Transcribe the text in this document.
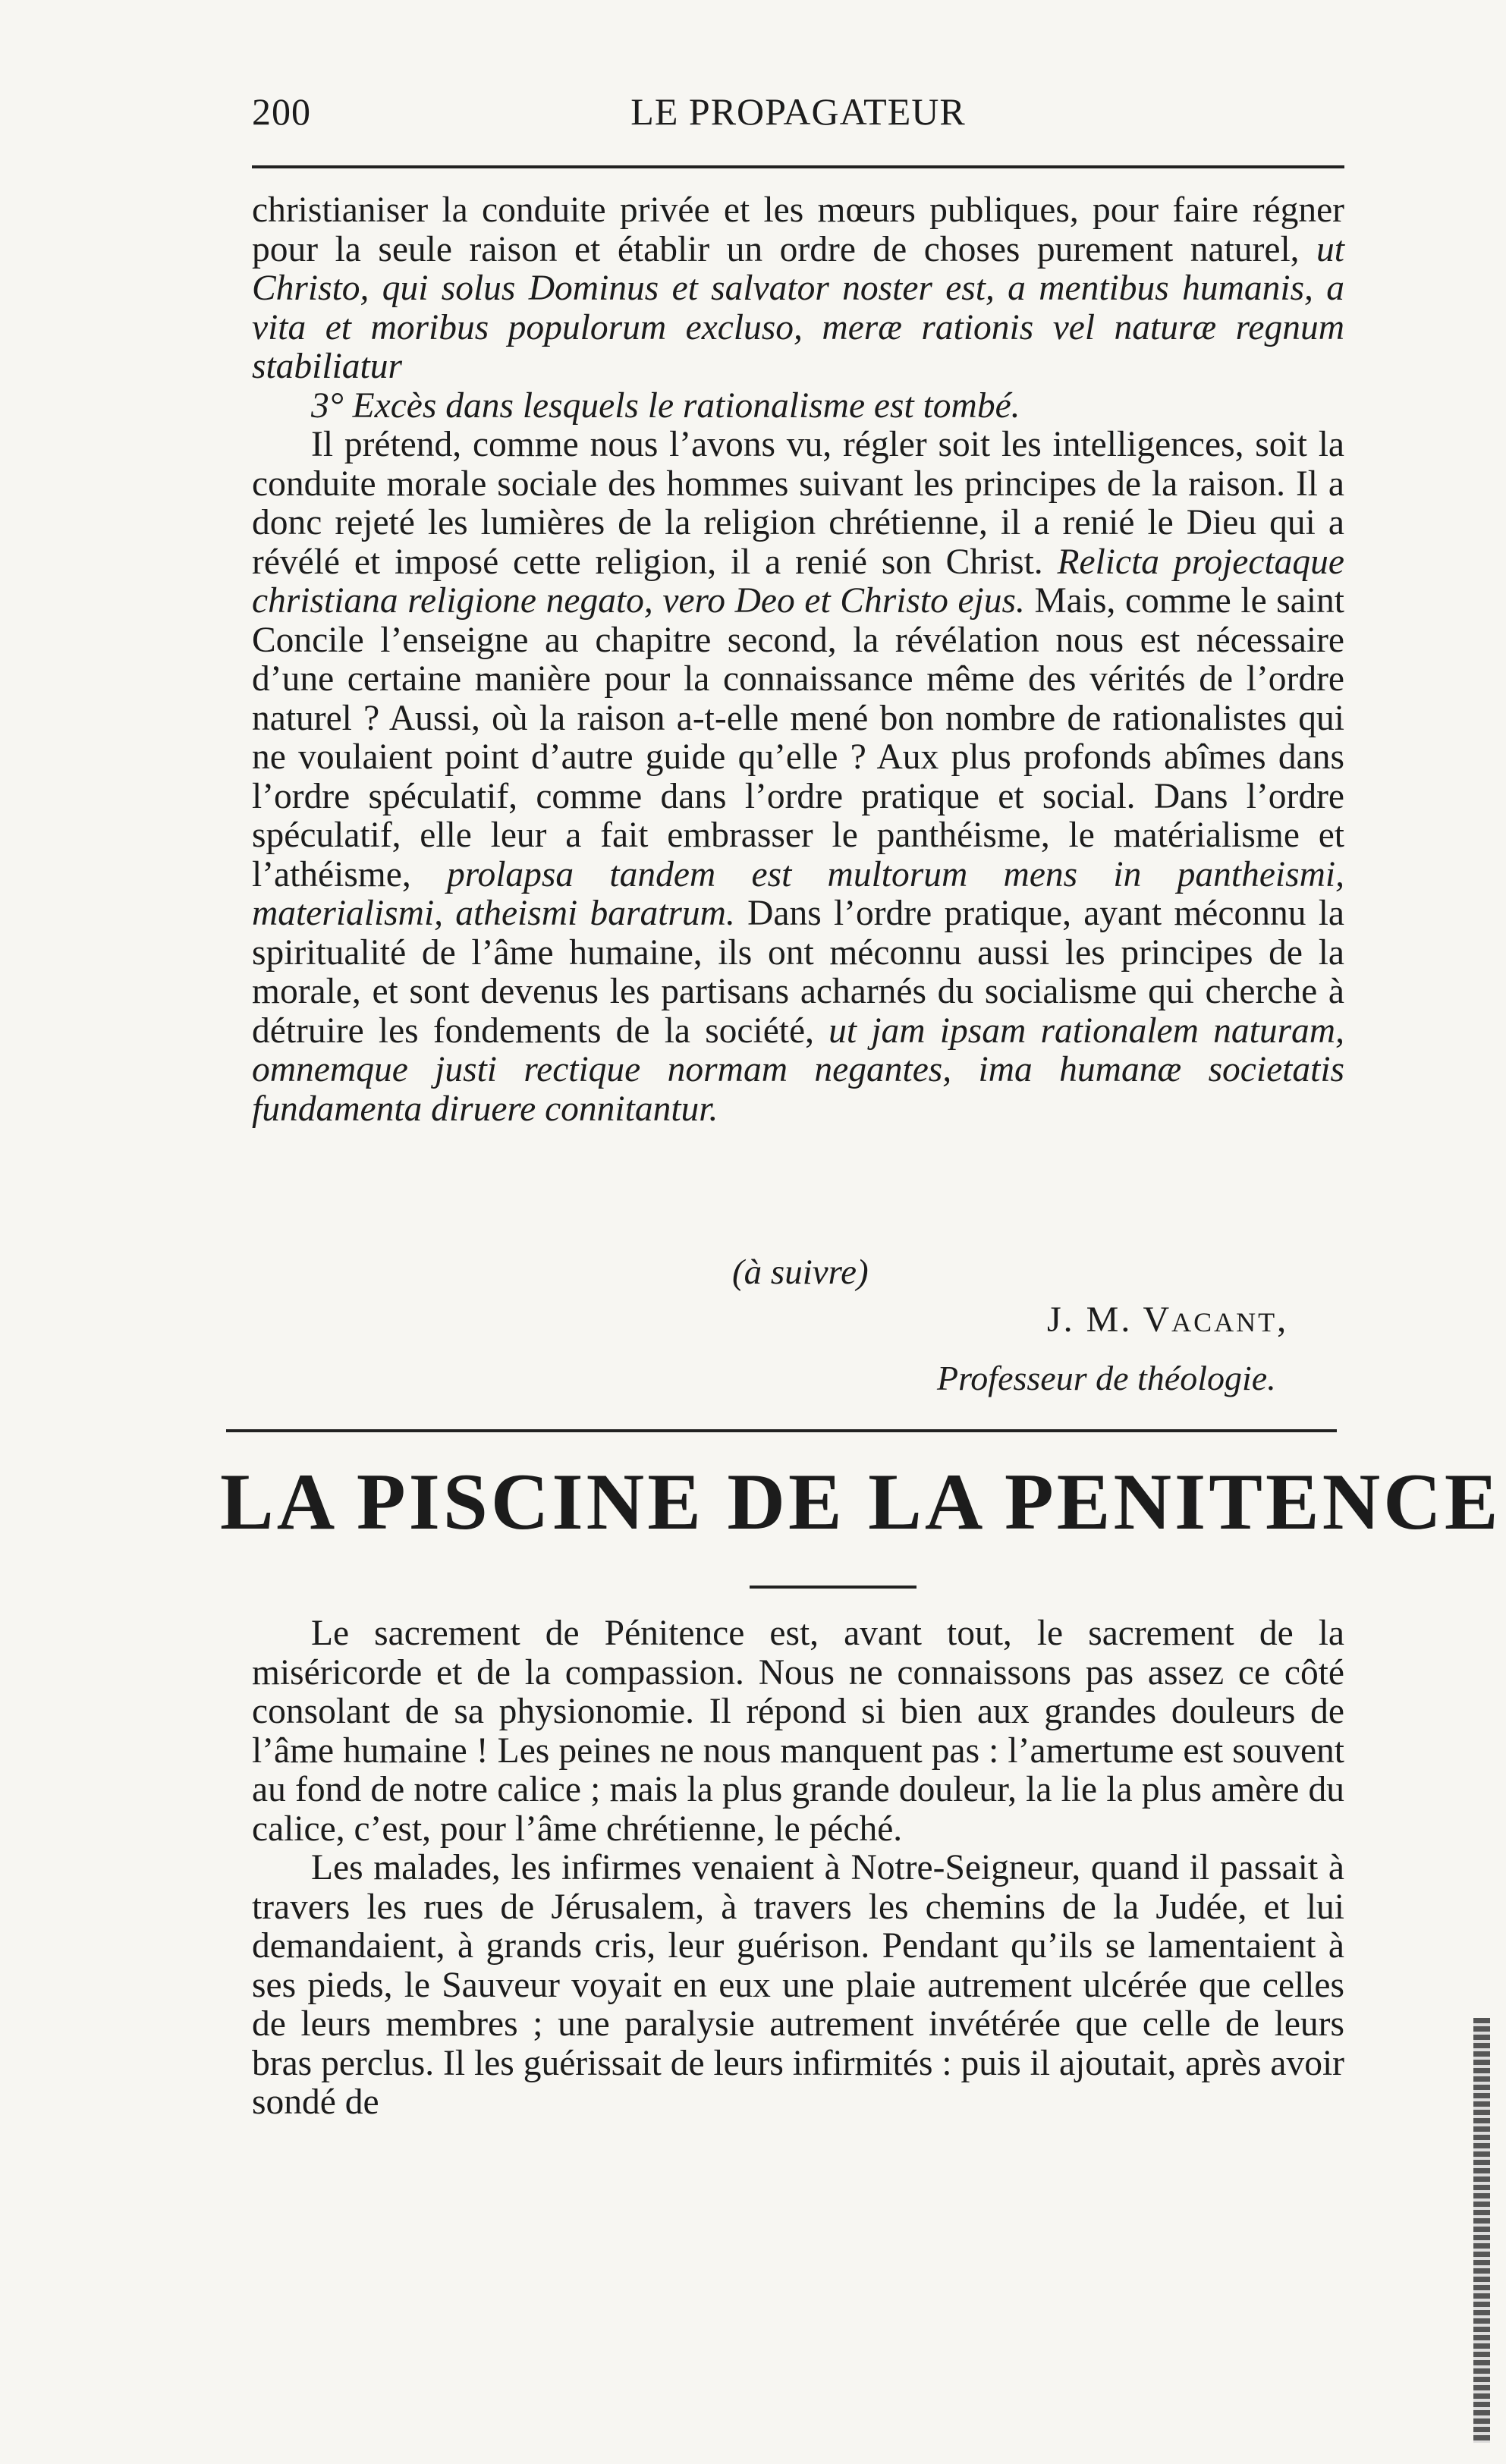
200	LE PROPAGATEUR

christianiser la conduite privée et les mœurs publiques, pour faire régner pour la seule raison et établir un ordre de choses purement naturel, ut Christo, qui solus Dominus et salvator noster est, a mentibus humanis, a vita et moribus populorum excluso, meræ rationis vel naturæ regnum stabiliatur

3° Excès dans lesquels le rationalisme est tombé.

Il prétend, comme nous l’avons vu, régler soit les intelligences, soit la conduite morale sociale des hommes suivant les principes de la raison. Il a donc rejeté les lumières de la religion chrétienne, il a renié le Dieu qui a révélé et imposé cette religion, il a renié son Christ. Relicta projectaque christiana religione negato, vero Deo et Christo ejus. Mais, comme le saint Concile l’enseigne au chapitre second, la révélation nous est nécessaire d’une certaine manière pour la connaissance même des vérités de l’ordre naturel ? Aussi, où la raison a-t-elle mené bon nombre de rationalistes qui ne voulaient point d’autre guide qu’elle ? Aux plus profonds abîmes dans l’ordre spéculatif, comme dans l’ordre pratique et social. Dans l’ordre spéculatif, elle leur a fait embrasser le panthéisme, le matérialisme et l’athéisme, prolapsa tandem est multorum mens in pantheismi, materialismi, atheismi baratrum. Dans l’ordre pratique, ayant méconnu la spiritualité de l’âme humaine, ils ont méconnu aussi les principes de la morale, et sont devenus les partisans acharnés du socialisme qui cherche à détruire les fondements de la société, ut jam ipsam rationalem naturam, omnemque justi rectique normam negantes, ima humanæ societatis fundamenta diruere connitantur.

(à suivre)
J. M. VACANT,
Professeur de théologie.
LA PISCINE DE LA PENITENCE

Le sacrement de Pénitence est, avant tout, le sacrement de la miséricorde et de la compassion. Nous ne connaissons pas assez ce côté consolant de sa physionomie. Il répond si bien aux grandes douleurs de l’âme humaine ! Les peines ne nous manquent pas : l’amertume est souvent au fond de notre calice ; mais la plus grande douleur, la lie la plus amère du calice, c’est, pour l’âme chrétienne, le péché.

Les malades, les infirmes venaient à Notre-Seigneur, quand il passait à travers les rues de Jérusalem, à travers les chemins de la Judée, et lui demandaient, à grands cris, leur guérison. Pendant qu’ils se lamentaient à ses pieds, le Sauveur voyait en eux une plaie autrement ulcérée que celles de leurs membres ; une paralysie autrement invétérée que celle de leurs bras perclus. Il les guérissait de leurs infirmités : puis il ajoutait, après avoir sondé de
